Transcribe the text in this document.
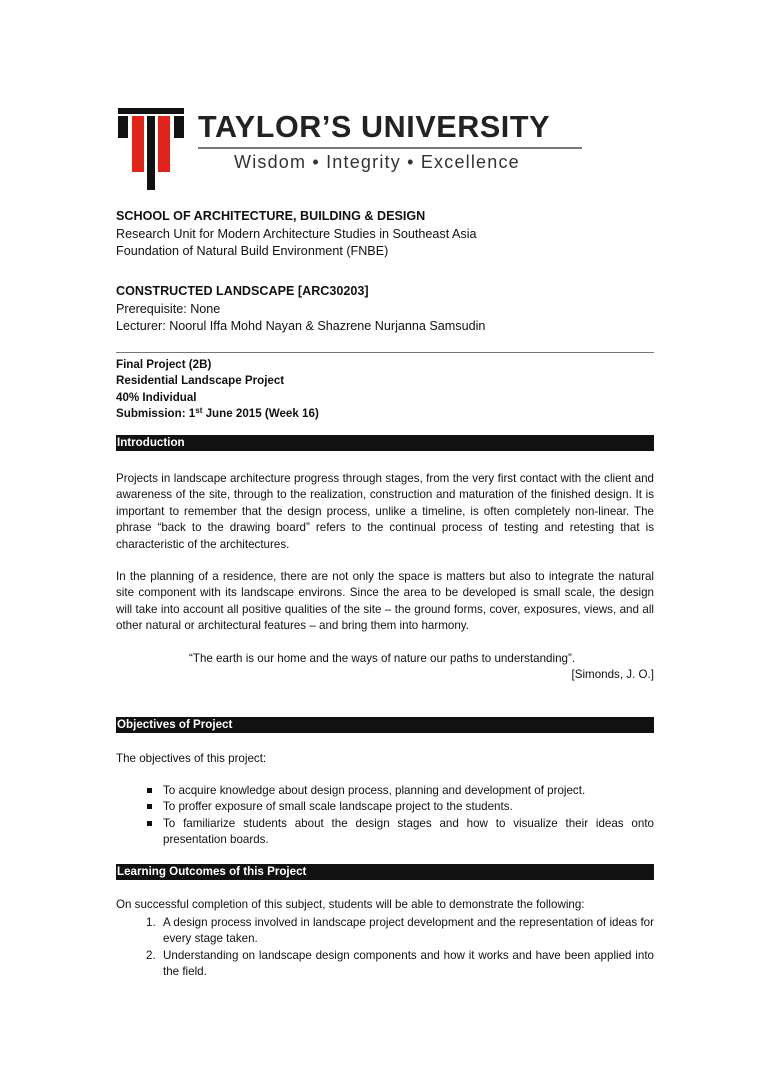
TAYLOR’S UNIVERSITY
Wisdom • Integrity • Excellence
SCHOOL OF ARCHITECTURE, BUILDING & DESIGN
Research Unit for Modern Architecture Studies in Southeast Asia
Foundation of Natural Build Environment (FNBE)
CONSTRUCTED LANDSCAPE [ARC30203]
Prerequisite: None
Lecturer: Noorul Iffa Mohd Nayan & Shazrene Nurjanna Samsudin
Final Project (2B)
Residential Landscape Project
40% Individual
Submission: 1st June 2015 (Week 16)
Introduction

Projects in landscape architecture progress through stages, from the very first contact with the client and awareness of the site, through to the realization, construction and maturation of the finished design. It is important to remember that the design process, unlike a timeline, is often completely non-linear. The phrase “back to the drawing board” refers to the continual process of testing and retesting that is characteristic of the architectures.

In the planning of a residence, there are not only the space is matters but also to integrate the natural site component with its landscape environs. Since the area to be developed is small scale, the design will take into account all positive qualities of the site – the ground forms, cover, exposures, views, and all other natural or architectural features – and bring them into harmony.

“The earth is our home and the ways of nature our paths to understanding”.
[Simonds, J. O.]
Objectives of Project

The objectives of this project:

To acquire knowledge about design process, planning and development of project.
To proffer exposure of small scale landscape project to the students.
To familiarize students about the design stages and how to visualize their ideas onto presentation boards.
Learning Outcomes of this Project

On successful completion of this subject, students will be able to demonstrate the following:

1. A design process involved in landscape project development and the representation of ideas for every stage taken.
2. Understanding on landscape design components and how it works and have been applied into the field.
